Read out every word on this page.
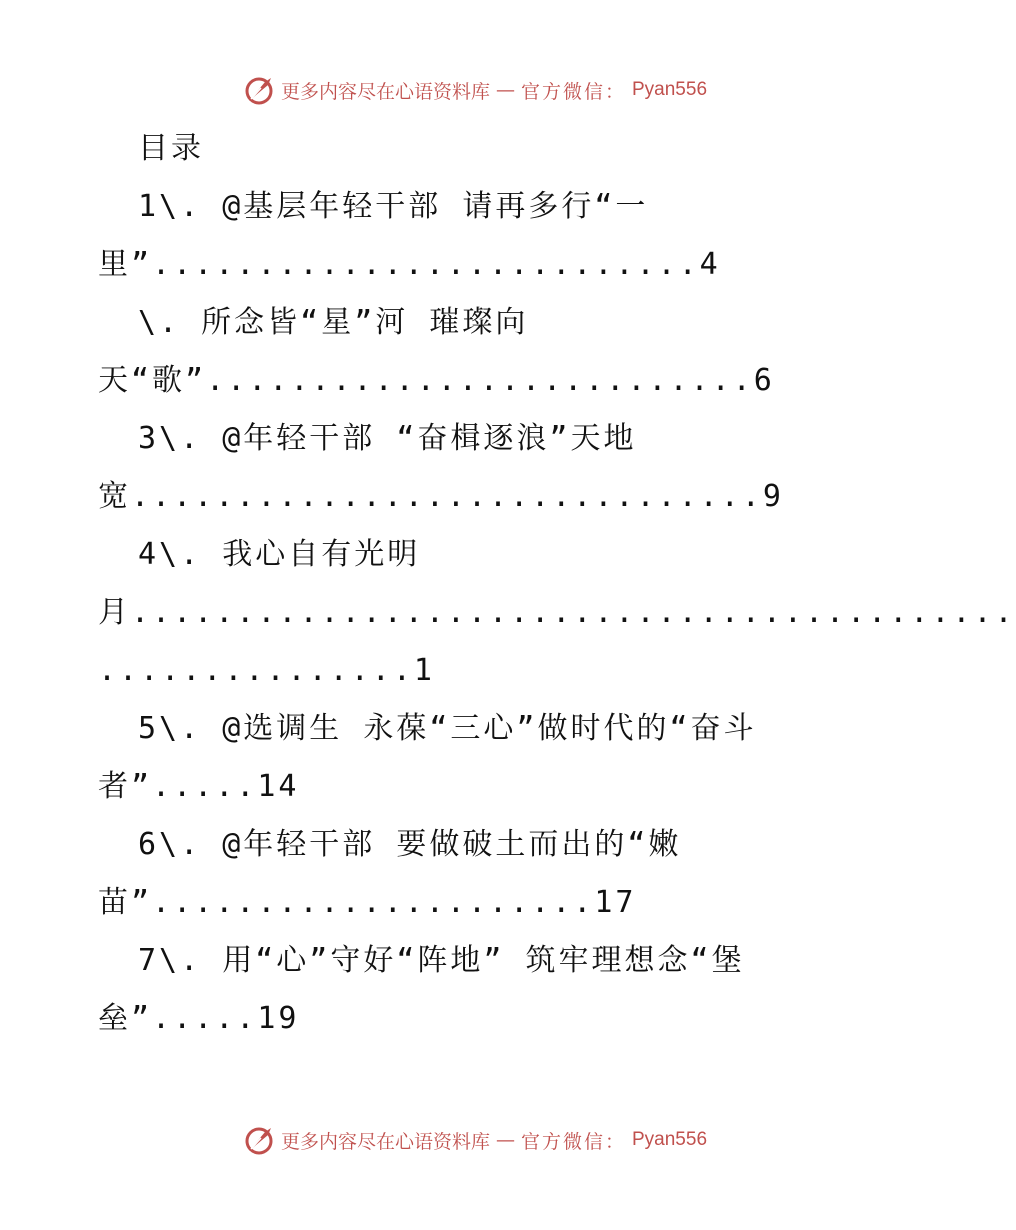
更多内容尽在心语资料库 — 官方微信： Pyan556
目录
1\. @基层年轻干部 请再多行“一
里”..........................4
\. 所念皆“星”河 璀璨向
天“歌”..........................6
3\. @年轻干部 “奋楫逐浪”天地
宽..............................9
4\. 我心自有光明
月..........................................
...............1
5\. @选调生 永葆“三心”做时代的“奋斗
者”.....14
6\. @年轻干部 要做破土而出的“嫩
苗”.....................17
7\. 用“心”守好“阵地” 筑牢理想念“堡
垒”.....19
更多内容尽在心语资料库 — 官方微信： Pyan556
